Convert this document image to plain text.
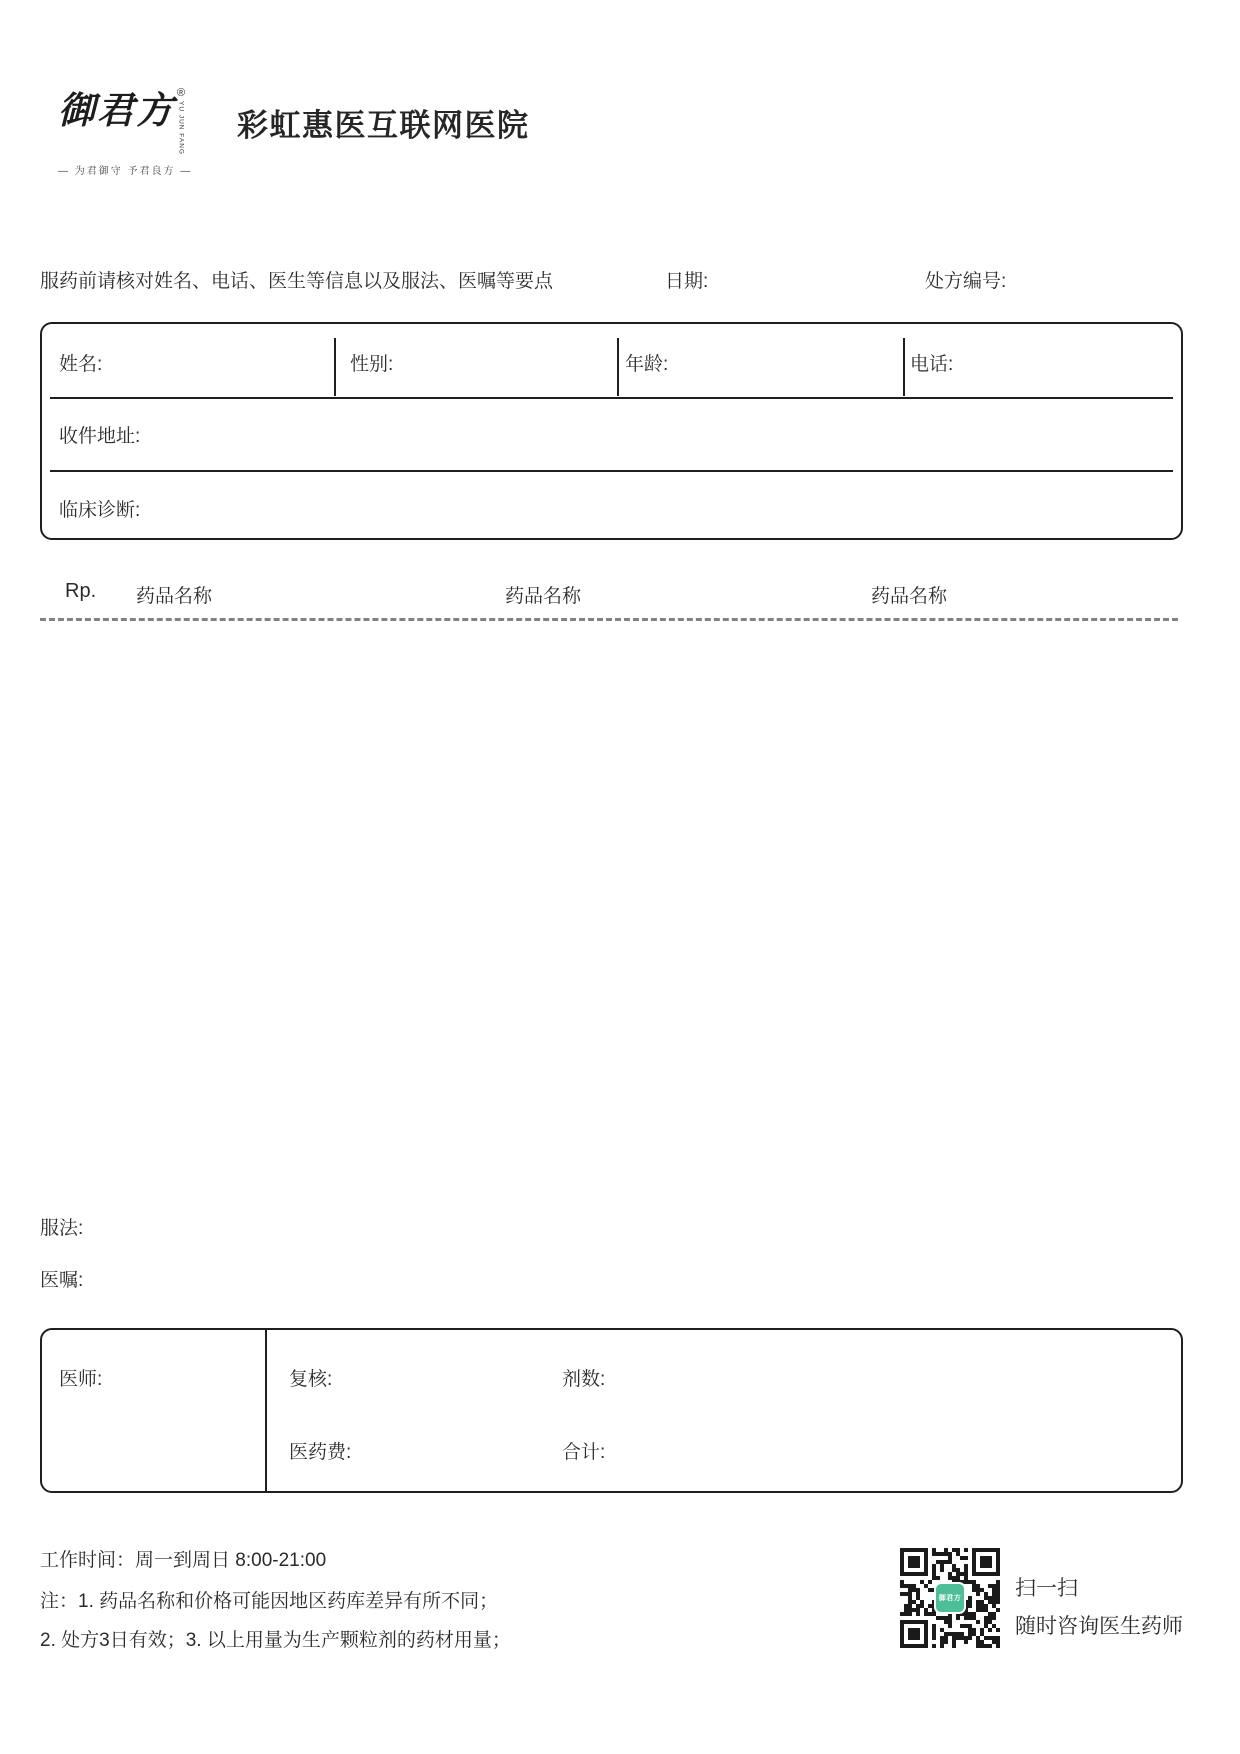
御君方 ®
YU JUN FANG
— 为君御守 予君良方 —
彩虹惠医互联网医院
服药前请核对姓名、电话、医生等信息以及服法、医嘱等要点	日期:	处方编号:
姓名:	性别:	年龄:	电话:
收件地址:
临床诊断:
Rp. 药品名称	药品名称	药品名称
服法:
医嘱:
医师:	复核:	剂数:
医药费:	合计:
工作时间：周一到周日 8:00-21:00
注：1. 药品名称和价格可能因地区药库差异有所不同；
2. 处方3日有效；3. 以上用量为生产颗粒剂的药材用量；
御君方	扫一扫
随时咨询医生药师
